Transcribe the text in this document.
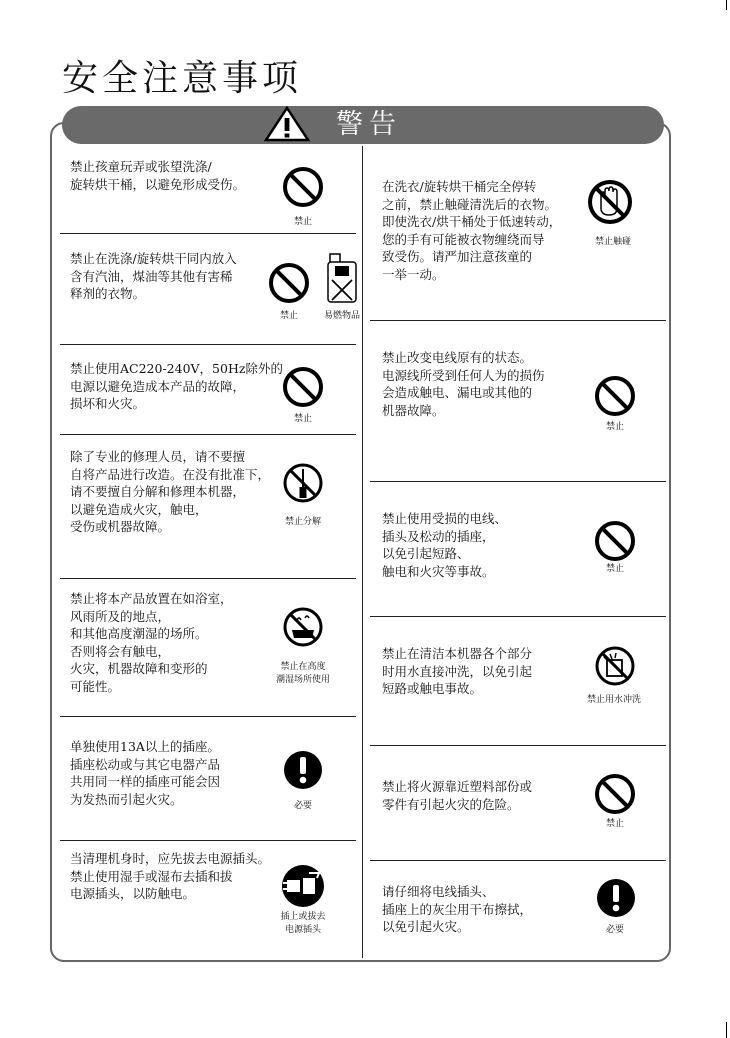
安全注意事项
警告
禁止孩童玩弄或张望洗涤/
旋转烘干桶，以避免形成受伤。
禁止
禁止在洗涤/旋转烘干同内放入
含有汽油，煤油等其他有害稀
释剂的衣物。
禁止	易燃物品
禁止使用AC220-240V，50Hz除外的
电源以避免造成本产品的故障，
损坏和火灾。
禁止
除了专业的修理人员，请不要擅
自将产品进行改造。在没有批准下，
请不要擅自分解和修理本机器，
以避免造成火灾，触电，
受伤或机器故障。	禁止分解
禁止将本产品放置在如浴室，
风雨所及的地点，
和其他高度潮湿的场所。
否则将会有触电，
火灾，机器故障和变形的
可能性。
禁止在高度
潮湿场所使用
单独使用13A以上的插座。
插座松动或与其它电器产品
共用同一样的插座可能会因
为发热而引起火灾。	必要
当清理机身时，应先拔去电源插头。
禁止使用湿手或湿布去插和拔
电源插头，以防触电。
插上或拔去
电源插头
在洗衣/旋转烘干桶完全停转
之前，禁止触碰清洗后的衣物。
即使洗衣/烘干桶处于低速转动，
您的手有可能被衣物缠绕而导
致受伤。请严加注意孩童的
一举一动。
禁止触碰
禁止改变电线原有的状态。
电源线所受到任何人为的损伤
会造成触电、漏电或其他的
机器故障。
禁止
禁止使用受损的电线、
插头及松动的插座，
以免引起短路、
触电和火灾等事故。	禁止
禁止在清洁本机器各个部分
时用水直接冲洗，以免引起
短路或触电事故。
禁止用水冲洗
禁止将火源靠近塑料部份或
零件有引起火灾的危险。
禁止
请仔细将电线插头、
插座上的灰尘用干布擦拭，
以免引起火灾。	必要
